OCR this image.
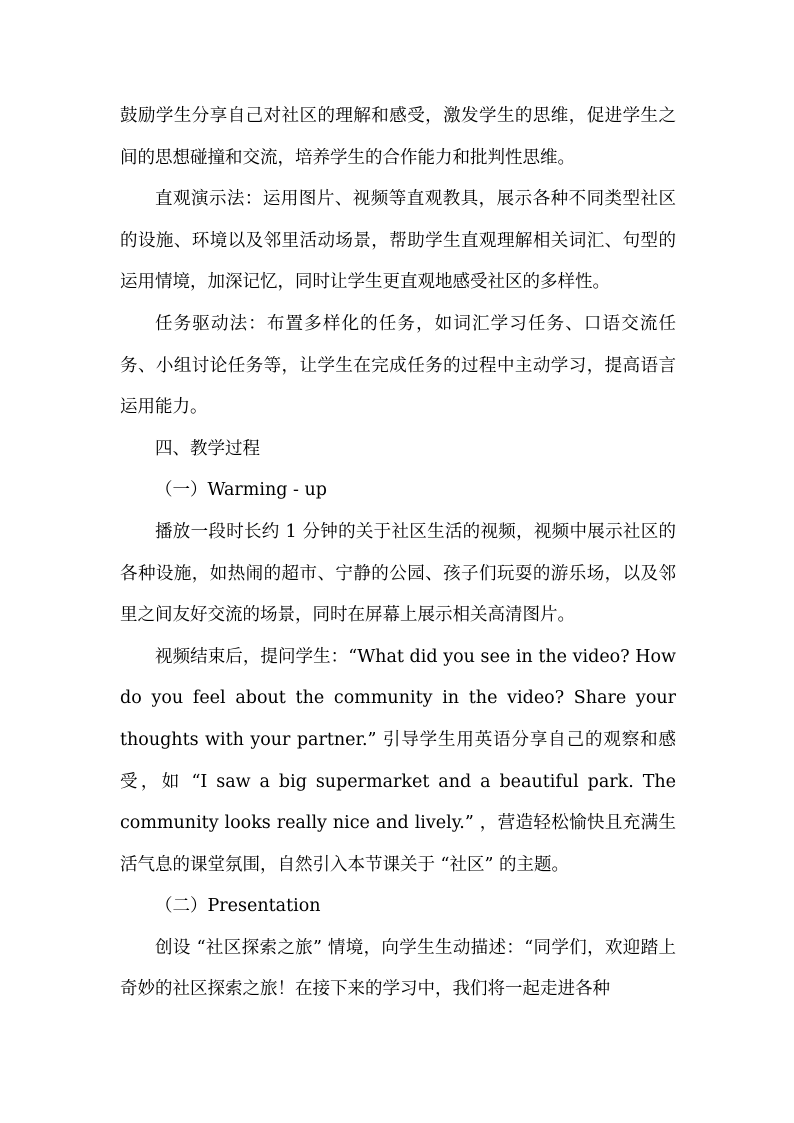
鼓励学生分享自己对社区的理解和感受，激发学生的思维，促进学生之间的思想碰撞和交流，培养学生的合作能力和批判性思维。

直观演示法：运用图片、视频等直观教具，展示各种不同类型社区的设施、环境以及邻里活动场景，帮助学生直观理解相关词汇、句型的运用情境，加深记忆，同时让学生更直观地感受社区的多样性。

任务驱动法：布置多样化的任务，如词汇学习任务、口语交流任务、小组讨论任务等，让学生在完成任务的过程中主动学习，提高语言运用能力。

四、教学过程

（一）Warming - up

播放一段时长约 1 分钟的关于社区生活的视频，视频中展示社区的各种设施，如热闹的超市、宁静的公园、孩子们玩耍的游乐场，以及邻里之间友好交流的场景，同时在屏幕上展示相关高清图片。

视频结束后，提问学生：“What did you see in the video? How do you feel about the community in the video? Share your thoughts with your partner.” 引导学生用英语分享自己的观察和感受，如 “I saw a big supermarket and a beautiful park. The community looks really nice and lively.” ，营造轻松愉快且充满生活气息的课堂氛围，自然引入本节课关于 “社区” 的主题。

（二）Presentation

创设 “社区探索之旅” 情境，向学生生动描述：“同学们，欢迎踏上奇妙的社区探索之旅！在接下来的学习中，我们将一起走进各种
